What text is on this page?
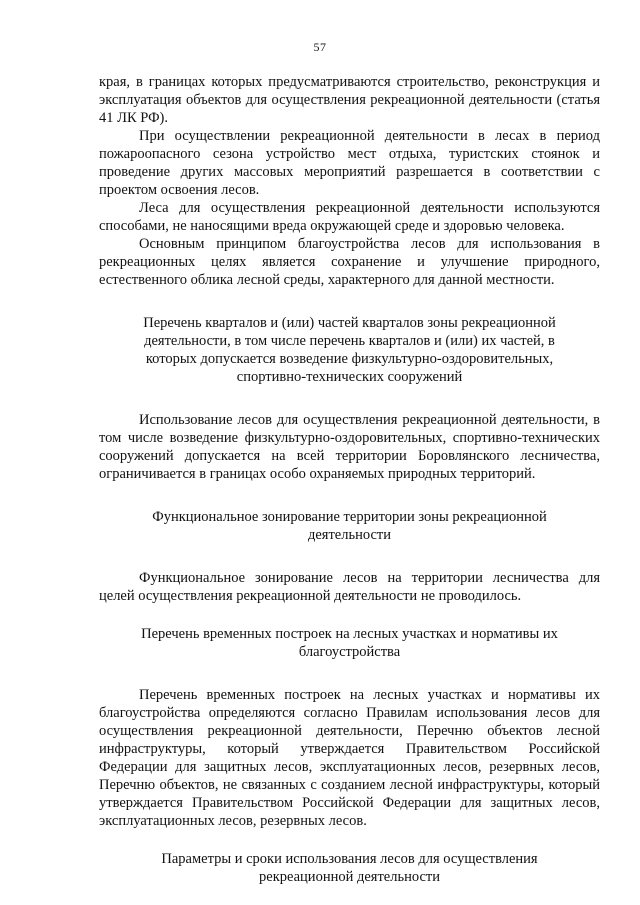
57

края, в границах которых предусматриваются строительство, реконструкция и эксплуатация объектов для осуществления рекреационной деятельности (статья 41 ЛК РФ).

При осуществлении рекреационной деятельности в лесах в период пожароопасного сезона устройство мест отдыха, туристских стоянок и проведение других массовых мероприятий разрешается в соответствии с проектом освоения лесов.

Леса для осуществления рекреационной деятельности используются способами, не наносящими вреда окружающей среде и здоровью человека.

Основным принципом благоустройства лесов для использования в рекреационных целях является сохранение и улучшение природного, естественного облика лесной среды, характерного для данной местности.

Перечень кварталов и (или) частей кварталов зоны рекреационной деятельности, в том числе перечень кварталов и (или) их частей, в которых допускается возведение физкультурно-оздоровительных, спортивно-технических сооружений

Использование лесов для осуществления рекреационной деятельности, в том числе возведение физкультурно-оздоровительных, спортивно-технических сооружений допускается на всей территории Боровлянского лесничества, ограничивается в границах особо охраняемых природных территорий.

Функциональное зонирование территории зоны рекреационной деятельности

Функциональное зонирование лесов на территории лесничества для целей осуществления рекреационной деятельности не проводилось.

Перечень временных построек на лесных участках и нормативы их благоустройства

Перечень временных построек на лесных участках и нормативы их благоустройства определяются согласно Правилам использования лесов для осуществления рекреационной деятельности, Перечню объектов лесной инфраструктуры, который утверждается Правительством Российской Федерации для защитных лесов, эксплуатационных лесов, резервных лесов, Перечню объектов, не связанных с созданием лесной инфраструктуры, который утверждается Правительством Российской Федерации для защитных лесов, эксплуатационных лесов, резервных лесов.

Параметры и сроки использования лесов для осуществления рекреационной деятельности
